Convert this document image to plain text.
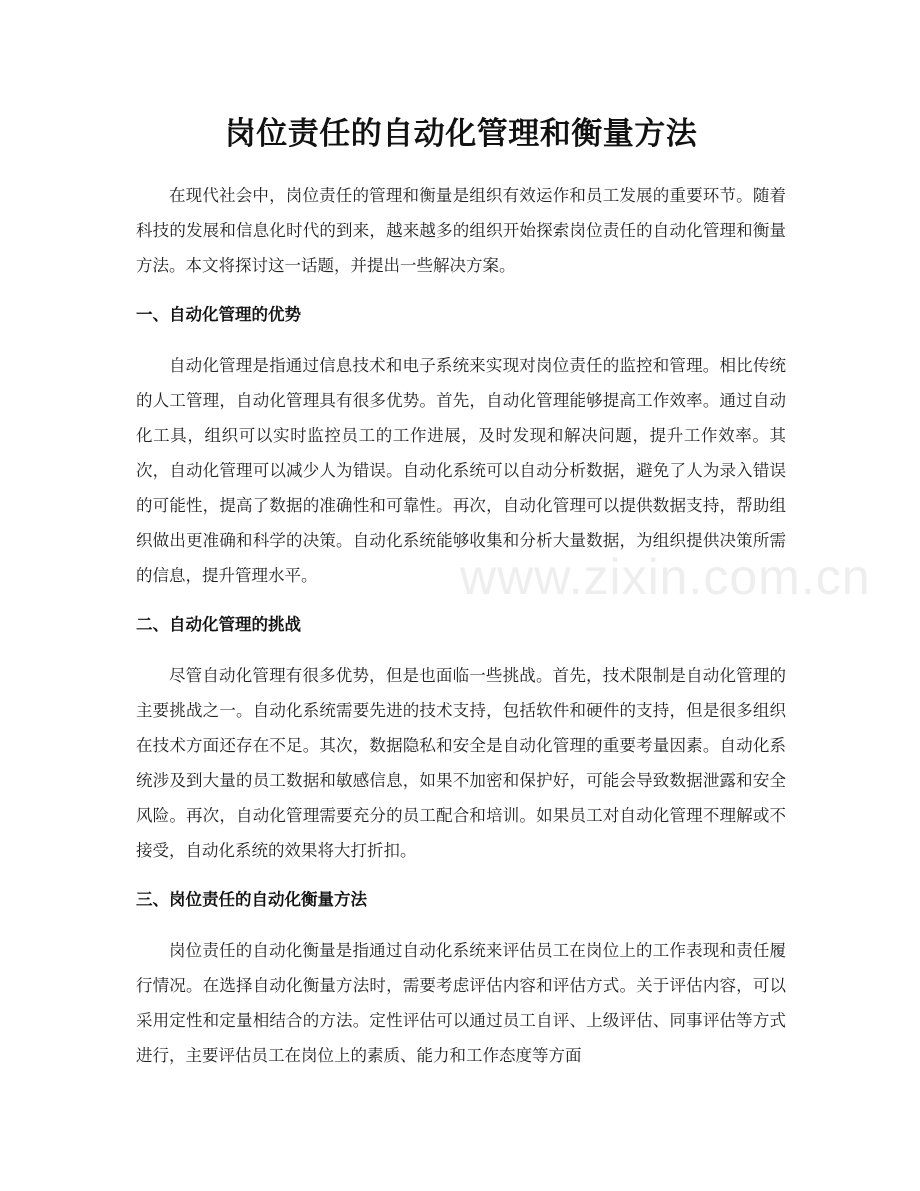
岗位责任的自动化管理和衡量方法

在现代社会中，岗位责任的管理和衡量是组织有效运作和员工发展的重要环节。随着科技的发展和信息化时代的到来，越来越多的组织开始探索岗位责任的自动化管理和衡量方法。本文将探讨这一话题，并提出一些解决方案。

一、自动化管理的优势

自动化管理是指通过信息技术和电子系统来实现对岗位责任的监控和管理。相比传统的人工管理，自动化管理具有很多优势。首先，自动化管理能够提高工作效率。通过自动化工具，组织可以实时监控员工的工作进展，及时发现和解决问题，提升工作效率。其次，自动化管理可以减少人为错误。自动化系统可以自动分析数据，避免了人为录入错误的可能性，提高了数据的准确性和可靠性。再次，自动化管理可以提供数据支持，帮助组织做出更准确和科学的决策。自动化系统能够收集和分析大量数据，为组织提供决策所需的信息，提升管理水平。

二、自动化管理的挑战

尽管自动化管理有很多优势，但是也面临一些挑战。首先，技术限制是自动化管理的主要挑战之一。自动化系统需要先进的技术支持，包括软件和硬件的支持，但是很多组织在技术方面还存在不足。其次，数据隐私和安全是自动化管理的重要考量因素。自动化系统涉及到大量的员工数据和敏感信息，如果不加密和保护好，可能会导致数据泄露和安全风险。再次，自动化管理需要充分的员工配合和培训。如果员工对自动化管理不理解或不接受，自动化系统的效果将大打折扣。

三、岗位责任的自动化衡量方法

岗位责任的自动化衡量是指通过自动化系统来评估员工在岗位上的工作表现和责任履行情况。在选择自动化衡量方法时，需要考虑评估内容和评估方式。关于评估内容，可以采用定性和定量相结合的方法。定性评估可以通过员工自评、上级评估、同事评估等方式进行，主要评估员工在岗位上的素质、能力和工作态度等方面

www.zixin.com.cn
